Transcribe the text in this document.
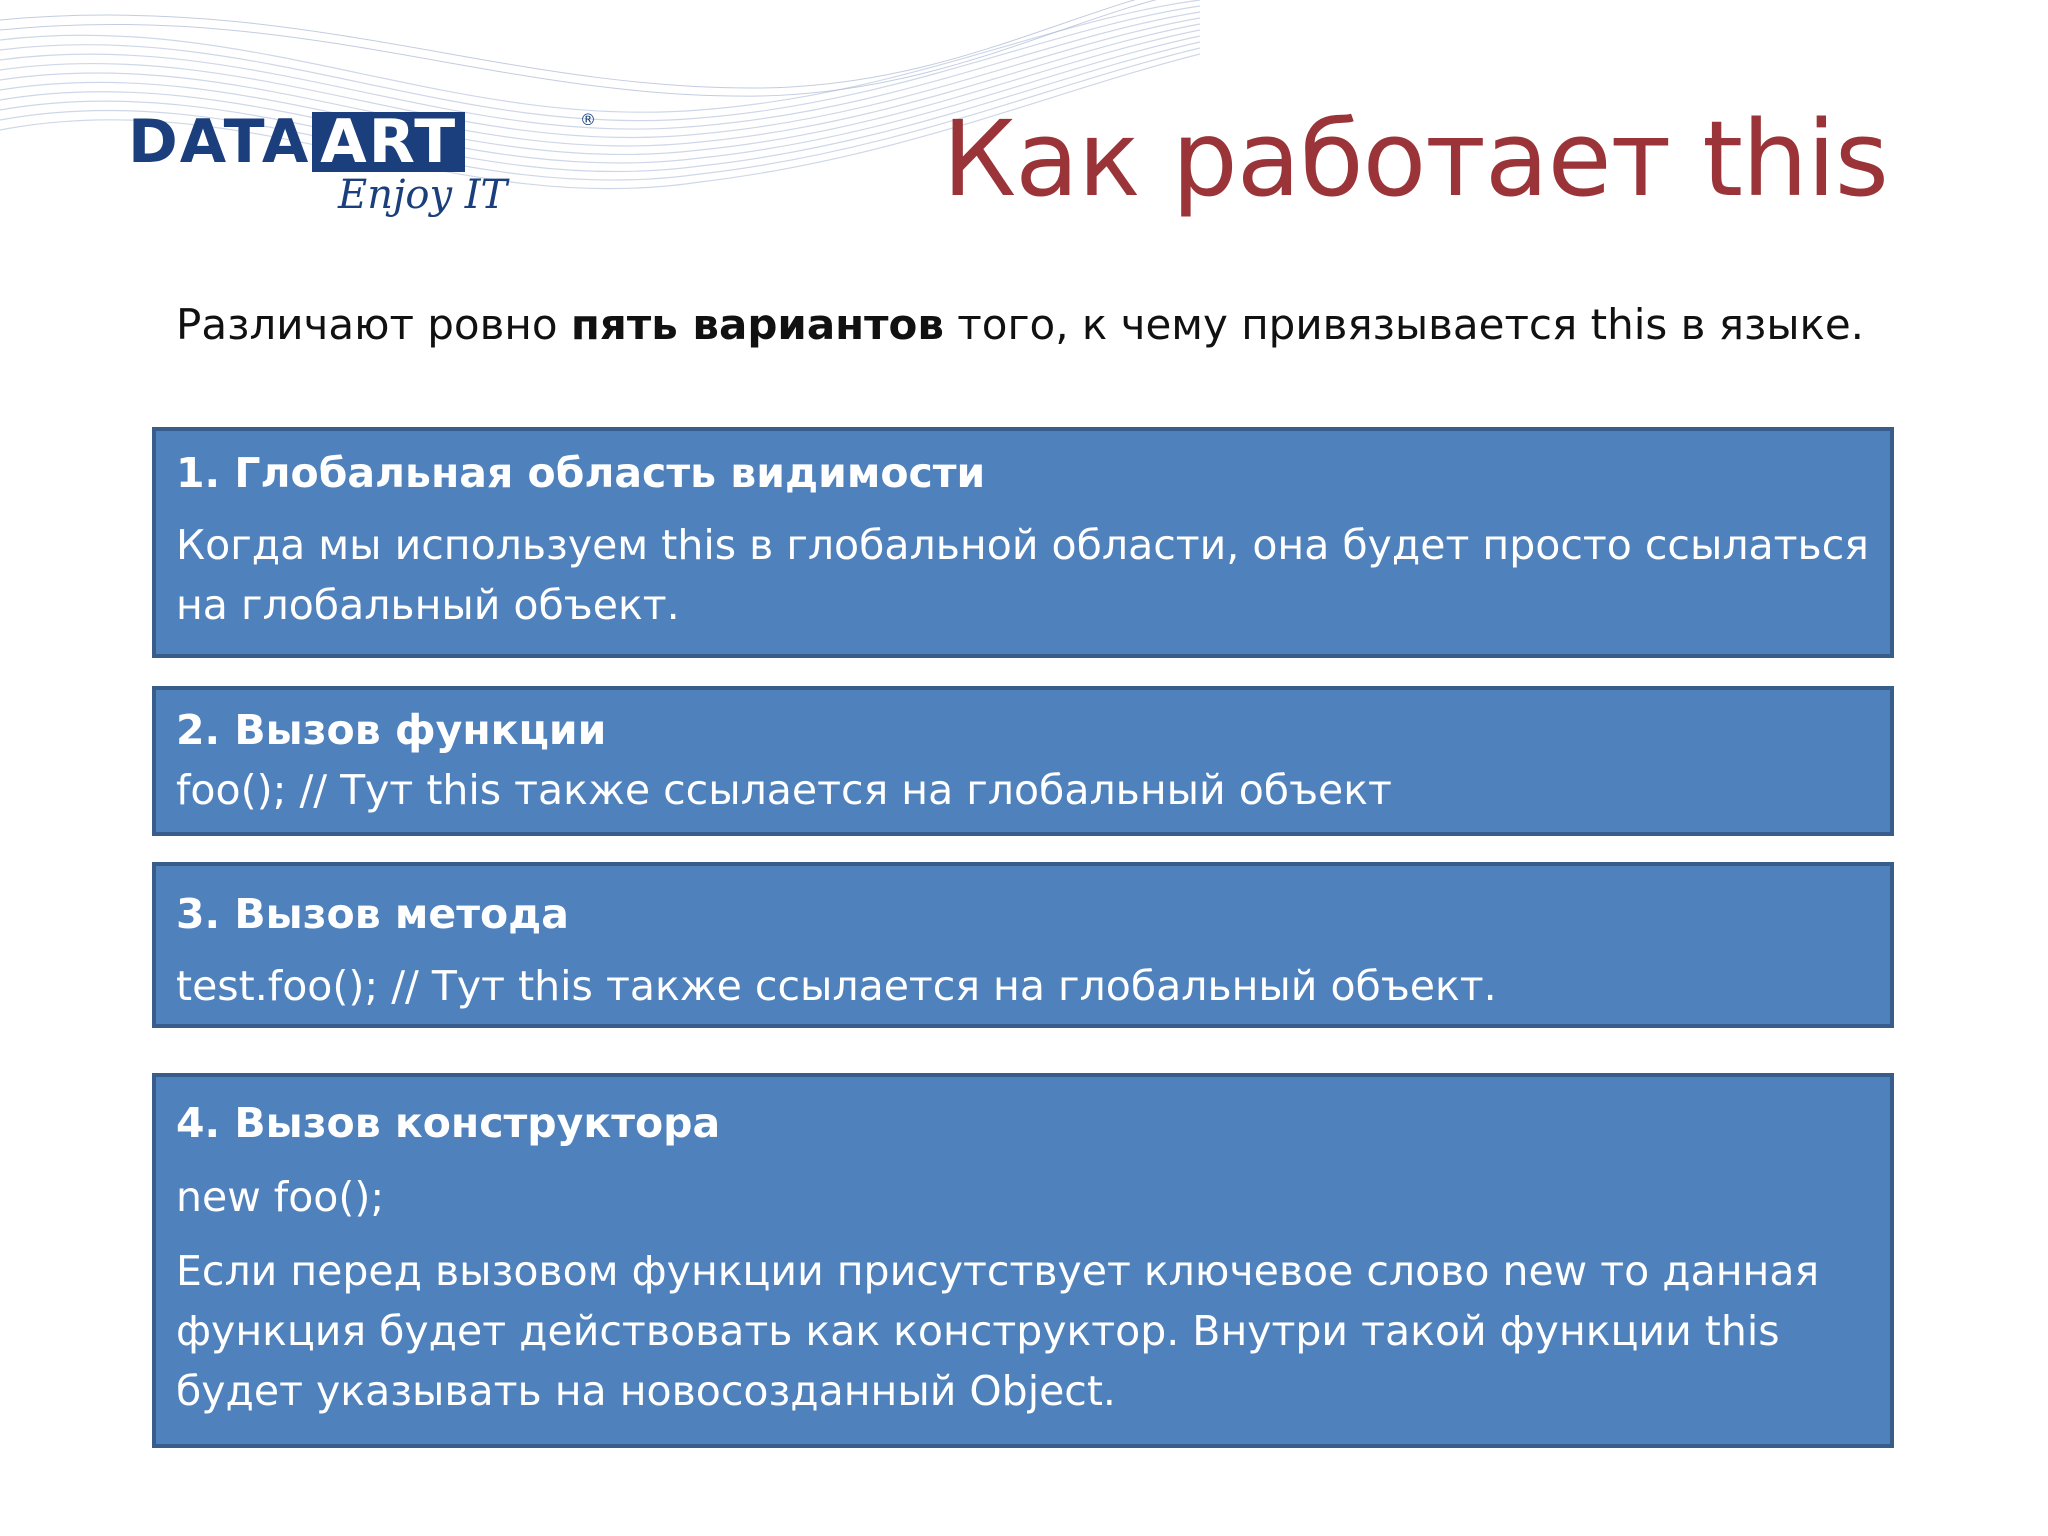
DATA ART	®
Enjoy IT	Как работает this
Различают ровно пять вариантов того, к чему привязывается this в языке.
1. Глобальная область видимости
Когда мы используем this в глобальной области, она будет просто ссылаться на глобальный объект.
2. Вызов функции
foo(); // Тут this также ссылается на глобальный объект
3. Вызов метода
test.foo(); // Тут this также ссылается на глобальный объект.
4. Вызов конструктора
new foo();
Если перед вызовом функции присутствует ключевое слово new то данная функция будет действовать как конструктор. Внутри такой функции this будет указывать на новосозданный Object.
